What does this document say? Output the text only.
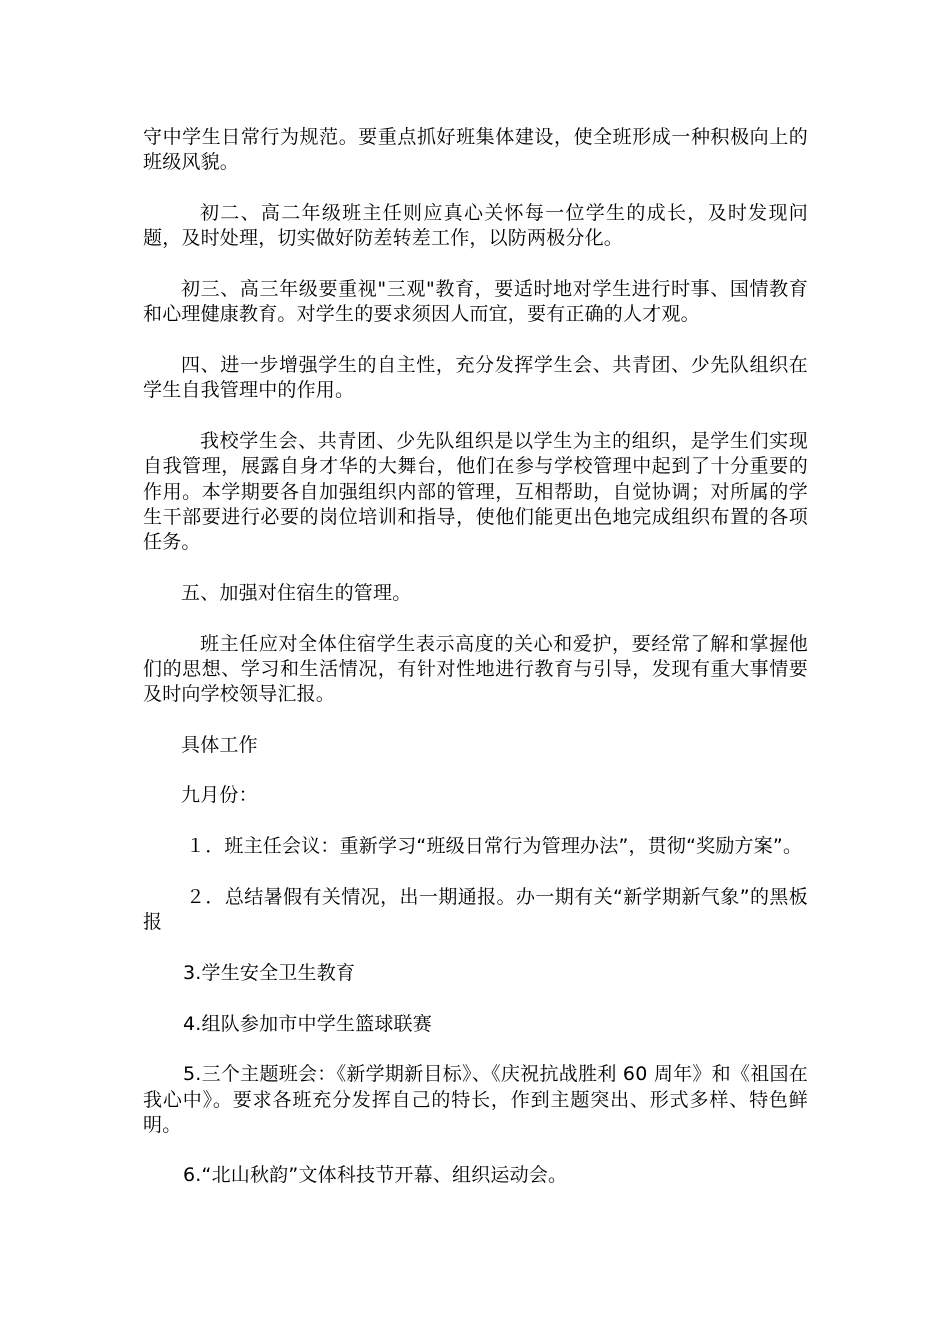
守中学生日常行为规范。要重点抓好班集体建设，使全班形成一种积极向上的班级风貌。

初二、高二年级班主任则应真心关怀每一位学生的成长，及时发现问题，及时处理，切实做好防差转差工作，以防两极分化。

初三、高三年级要重视"三观"教育，要适时地对学生进行时事、国情教育和心理健康教育。对学生的要求须因人而宜，要有正确的人才观。

四、进一步增强学生的自主性，充分发挥学生会、共青团、少先队组织在学生自我管理中的作用。

我校学生会、共青团、少先队组织是以学生为主的组织，是学生们实现自我管理，展露自身才华的大舞台，他们在参与学校管理中起到了十分重要的作用。本学期要各自加强组织内部的管理，互相帮助，自觉协调；对所属的学生干部要进行必要的岗位培训和指导，使他们能更出色地完成组织布置的各项任务。

五、加强对住宿生的管理。

班主任应对全体住宿学生表示高度的关心和爱护，要经常了解和掌握他们的思想、学习和生活情况，有针对性地进行教育与引导，发现有重大事情要及时向学校领导汇报。

具体工作

九月份：

１．班主任会议：重新学习“班级日常行为管理办法”，贯彻“奖励方案”。

２．总结暑假有关情况，出一期通报。办一期有关“新学期新气象”的黑板报

3.学生安全卫生教育

4.组队参加市中学生篮球联赛

5.三个主题班会：《新学期新目标》、《庆祝抗战胜利 60 周年》和《祖国在我心中》。要求各班充分发挥自己的特长，作到主题突出、形式多样、特色鲜明。

6.“北山秋韵”文体科技节开幕、组织运动会。
